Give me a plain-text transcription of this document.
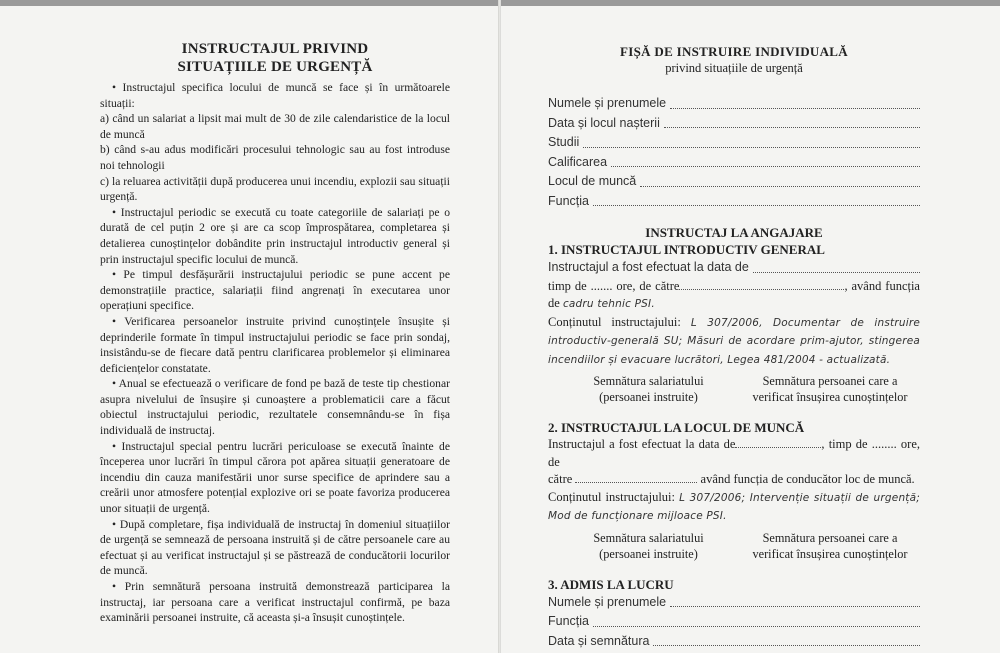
INSTRUCTAJUL PRIVIND
SITUAȚIILE DE URGENȚĂ

• Instructajul specifica locului de muncă se face și în următoarele situații:

a) când un salariat a lipsit mai mult de 30 de zile calendaristice de la locul de muncă

b) când s-au adus modificări procesului tehnologic sau au fost introduse noi tehnologii

c) la reluarea activității după producerea unui incendiu, explozii sau situații urgență.

• Instructajul periodic se execută cu toate categoriile de salariați pe o durată de cel puțin 2 ore și are ca scop împrospătarea, completarea și detalierea cunoștințelor dobândite prin instructajul introductiv general și prin instructajul specific locului de muncă.

• Pe timpul desfășurării instructajului periodic se pune accent pe demonstrațiile practice, salariații fiind angrenați în executarea unor operațiuni specifice.

• Verificarea persoanelor instruite privind cunoștințele însușite și deprinderile formate în timpul instructajului periodic se face prin sondaj, insistându-se de fiecare dată pentru clarificarea problemelor și eliminarea deficiențelor constatate.

• Anual se efectuează o verificare de fond pe bază de teste tip chestionar asupra nivelului de însușire și cunoaștere a problematicii care a făcut obiectul instructajului periodic, rezultatele consemnându-se în fișa individuală de instructaj.

• Instructajul special pentru lucrări periculoase se execută înainte de începerea unor lucrări în timpul cărora pot apărea situații generatoare de incendiu din cauza manifestării unor surse specifice de aprindere sau a creării unor atmosfere potențial explozive ori se poate favoriza producerea unor situații de urgență.

• După completare, fișa individuală de instructaj în domeniul situațiilor de urgență se semnează de persoana instruită și de către persoanele care au efectuat și au verificat instructajul și se păstrează de conducătorii locurilor de muncă.

• Prin semnătură persoana instruită demonstrează participarea la instructaj, iar persoana care a verificat instructajul confirmă, pe baza examinării persoanei instruite, că aceasta și-a însușit cunoștințele.

FIȘĂ DE INSTRUIRE INDIVIDUALĂ
privind situațiile de urgență
Numele și prenumele
Data și locul nașterii
Studii
Calificarea
Locul de muncă
Funcția
INSTRUCTAJ LA ANGAJARE
1. INSTRUCTAJUL INTRODUCTIV GENERAL
Instructajul a fost efectuat la data de

timp de ....... ore, de către	, având funcția de cadru tehnic PSI.

Conținutul instructajului: L 307/2006, Documentar de instruire introductiv-generală SU; Măsuri de acordare prim-ajutor, stingerea incendiilor și evacuare lucrători, Legea 481/2004 - actualizată.

Semnătura salariatului
(persoanei instruite)
Semnătura persoanei care a
verificat însușirea cunoștințelor
2. INSTRUCTAJUL LA LOCUL DE MUNCĂ

Instructajul a fost efectuat la data de	, timp de ........ ore, de

către	având funcția de conducător loc de muncă.

Conținutul instructajului: L 307/2006; Intervenție situații de urgență; Mod de funcționare mijloace PSI.

Semnătura salariatului
(persoanei instruite)
Semnătura persoanei care a
verificat însușirea cunoștințelor
3. ADMIS LA LUCRU
Numele și prenumele
Funcția
Data și semnătura
